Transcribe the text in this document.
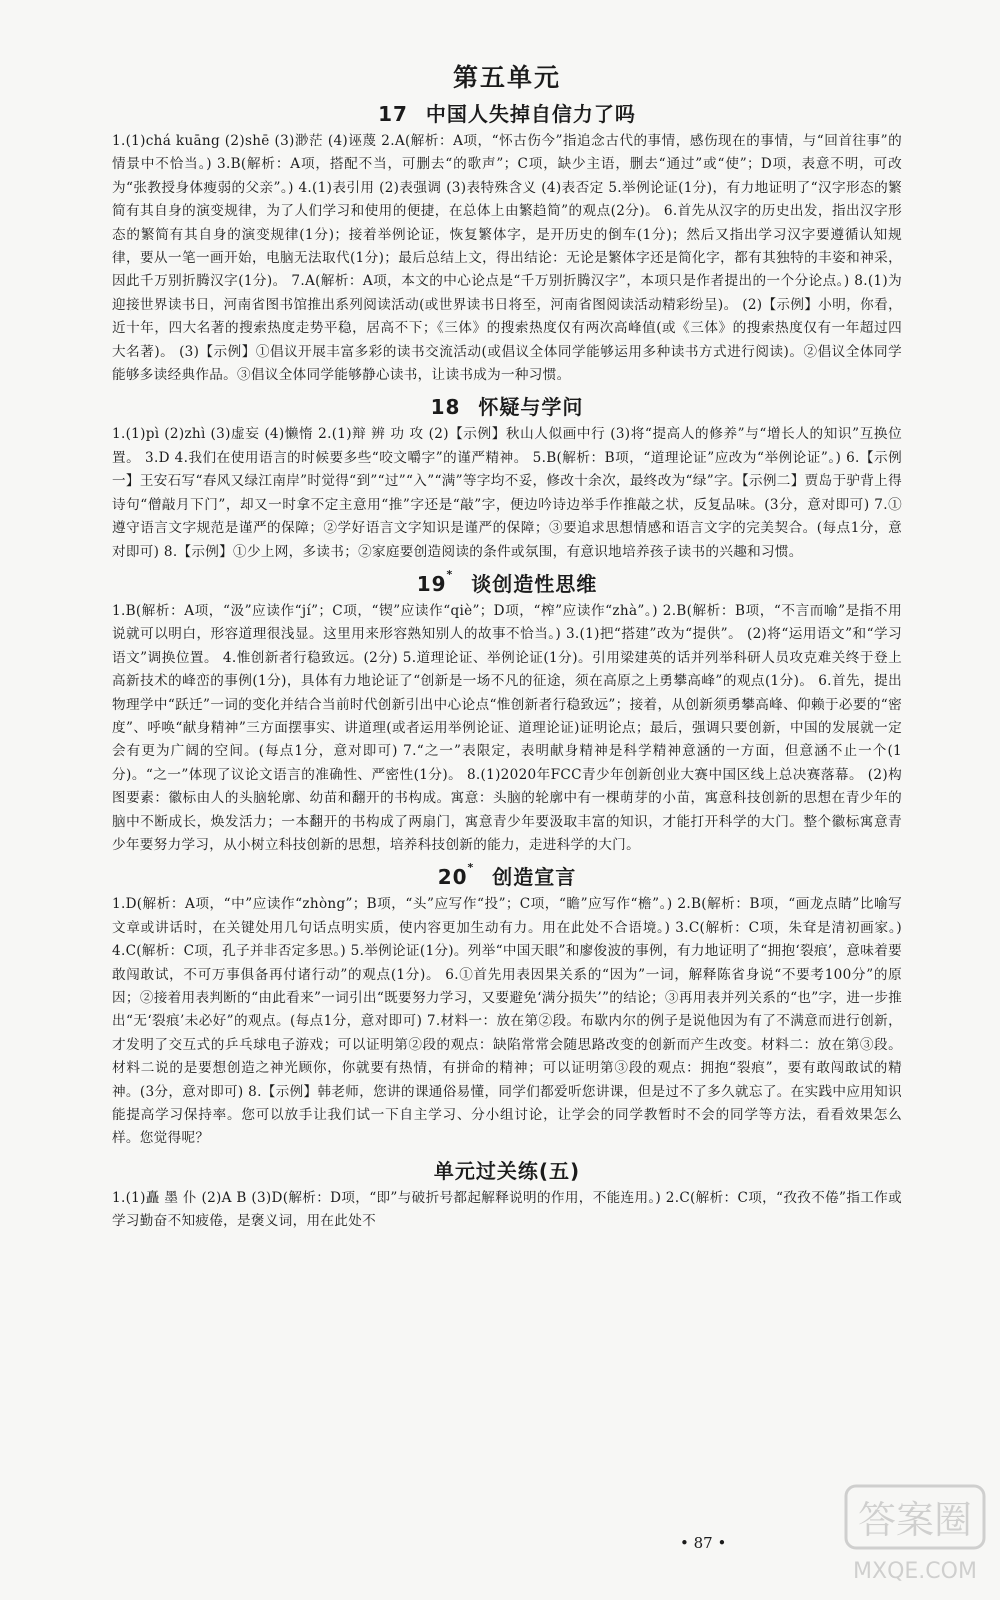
第五单元
17 中国人失掉自信力了吗

1.(1)chá kuāng (2)shē (3)渺茫 (4)诬蔑 2.A(解析：A项，“怀古伤今”指追念古代的事情，感伤现在的事情，与“回首往事”的情景中不恰当。) 3.B(解析：A项，搭配不当，可删去“的歌声”；C项，缺少主语，删去“通过”或“使”；D项，表意不明，可改为“张教授身体瘦弱的父亲”。) 4.(1)表引用 (2)表强调 (3)表特殊含义 (4)表否定 5.举例论证(1分)，有力地证明了“汉字形态的繁简有其自身的演变规律，为了人们学习和使用的便捷，在总体上由繁趋简”的观点(2分)。 6.首先从汉字的历史出发，指出汉字形态的繁简有其自身的演变规律(1分)；接着举例论证，恢复繁体字，是开历史的倒车(1分)；然后又指出学习汉字要遵循认知规律，要从一笔一画开始，电脑无法取代(1分)；最后总结上文，得出结论：无论是繁体字还是简化字，都有其独特的丰姿和神采，因此千万别折腾汉字(1分)。 7.A(解析：A项，本文的中心论点是“千万别折腾汉字”，本项只是作者提出的一个分论点。) 8.(1)为迎接世界读书日，河南省图书馆推出系列阅读活动(或世界读书日将至，河南省图阅读活动精彩纷呈)。 (2)【示例】小明，你看，近十年，四大名著的搜索热度走势平稳，居高不下；《三体》的搜索热度仅有两次高峰值(或《三体》的搜索热度仅有一年超过四大名著)。 (3)【示例】①倡议开展丰富多彩的读书交流活动(或倡议全体同学能够运用多种读书方式进行阅读)。②倡议全体同学能够多读经典作品。③倡议全体同学能够静心读书，让读书成为一种习惯。

18 怀疑与学问

1.(1)pì (2)zhì (3)虚妄 (4)懒惰 2.(1)辩 辨 功 攻 (2)【示例】秋山人似画中行 (3)将“提高人的修养”与“增长人的知识”互换位置。 3.D 4.我们在使用语言的时候要多些“咬文嚼字”的谨严精神。 5.B(解析：B项，“道理论证”应改为“举例论证”。) 6.【示例一】王安石写“春风又绿江南岸”时觉得“到”“过”“入”“满”等字均不妥，修改十余次，最终改为“绿”字。【示例二】贾岛于驴背上得诗句“僧敲月下门”，却又一时拿不定主意用“推”字还是“敲”字，便边吟诗边举手作推敲之状，反复品味。(3分，意对即可) 7.①遵守语言文字规范是谨严的保障；②学好语言文字知识是谨严的保障；③要追求思想情感和语言文字的完美契合。(每点1分，意对即可) 8.【示例】①少上网，多读书；②家庭要创造阅读的条件或氛围，有意识地培养孩子读书的兴趣和习惯。

19* 谈创造性思维

1.B(解析：A项，“汲”应读作“jí”；C项，“锲”应读作“qiè”；D项，“榨”应读作“zhà”。) 2.B(解析：B项，“不言而喻”是指不用说就可以明白，形容道理很浅显。这里用来形容熟知别人的故事不恰当。) 3.(1)把“搭建”改为“提供”。 (2)将“运用语文”和“学习语文”调换位置。 4.惟创新者行稳致远。(2分) 5.道理论证、举例论证(1分)。引用梁建英的话并列举科研人员攻克难关终于登上高新技术的峰峦的事例(1分)，具体有力地论证了“创新是一场不凡的征途，须在高原之上勇攀高峰”的观点(1分)。 6.首先，提出物理学中“跃迁”一词的变化并结合当前时代创新引出中心论点“惟创新者行稳致远”；接着，从创新须勇攀高峰、仰赖于必要的“密度”、呼唤“献身精神”三方面摆事实、讲道理(或者运用举例论证、道理论证)证明论点；最后，强调只要创新，中国的发展就一定会有更为广阔的空间。(每点1分，意对即可) 7.“之一”表限定，表明献身精神是科学精神意涵的一方面，但意涵不止一个(1分)。“之一”体现了议论文语言的准确性、严密性(1分)。 8.(1)2020年FCC青少年创新创业大赛中国区线上总决赛落幕。 (2)构图要素：徽标由人的头脑轮廓、幼苗和翻开的书构成。寓意：头脑的轮廓中有一棵萌芽的小苗，寓意科技创新的思想在青少年的脑中不断成长，焕发活力；一本翻开的书构成了两扇门，寓意青少年要汲取丰富的知识，才能打开科学的大门。整个徽标寓意青少年要努力学习，从小树立科技创新的思想，培养科技创新的能力，走进科学的大门。

20* 创造宣言

1.D(解析：A项，“中”应读作“zhòng”；B项，“头”应写作“投”；C项，“瞻”应写作“檐”。) 2.B(解析：B项，“画龙点睛”比喻写文章或讲话时，在关键处用几句话点明实质，使内容更加生动有力。用在此处不合语境。) 3.C(解析：C项，朱耷是清初画家。) 4.C(解析：C项，孔子并非否定多思。) 5.举例论证(1分)。列举“中国天眼”和廖俊波的事例，有力地证明了“拥抱‘裂痕’，意味着要敢闯敢试，不可万事俱备再付诸行动”的观点(1分)。 6.①首先用表因果关系的“因为”一词，解释陈省身说“不要考100分”的原因；②接着用表判断的“由此看来”一词引出“既要努力学习，又要避免‘满分损失’”的结论；③再用表并列关系的“也”字，进一步推出“无‘裂痕’未必好”的观点。(每点1分，意对即可) 7.材料一：放在第②段。布歇内尔的例子是说他因为有了不满意而进行创新，才发明了交互式的乒乓球电子游戏；可以证明第②段的观点：缺陷常常会随思路改变的创新而产生改变。材料二：放在第③段。材料二说的是要想创造之神光顾你，你就要有热情，有拼命的精神；可以证明第③段的观点：拥抱“裂痕”，要有敢闯敢试的精神。(3分，意对即可) 8.【示例】韩老师，您讲的课通俗易懂，同学们都爱听您讲课，但是过不了多久就忘了。在实践中应用知识能提高学习保持率。您可以放手让我们试一下自主学习、分小组讨论，让学会的同学教暂时不会的同学等方法，看看效果怎么样。您觉得呢？

单元过关练(五)

1.(1)矗 墨 仆 (2)A B (3)D(解析：D项，“即”与破折号都起解释说明的作用，不能连用。) 2.C(解析：C项，“孜孜不倦”指工作或学习勤奋不知疲倦，是褒义词，用在此处不

• 87 •
答案圈
MXQE.COM
